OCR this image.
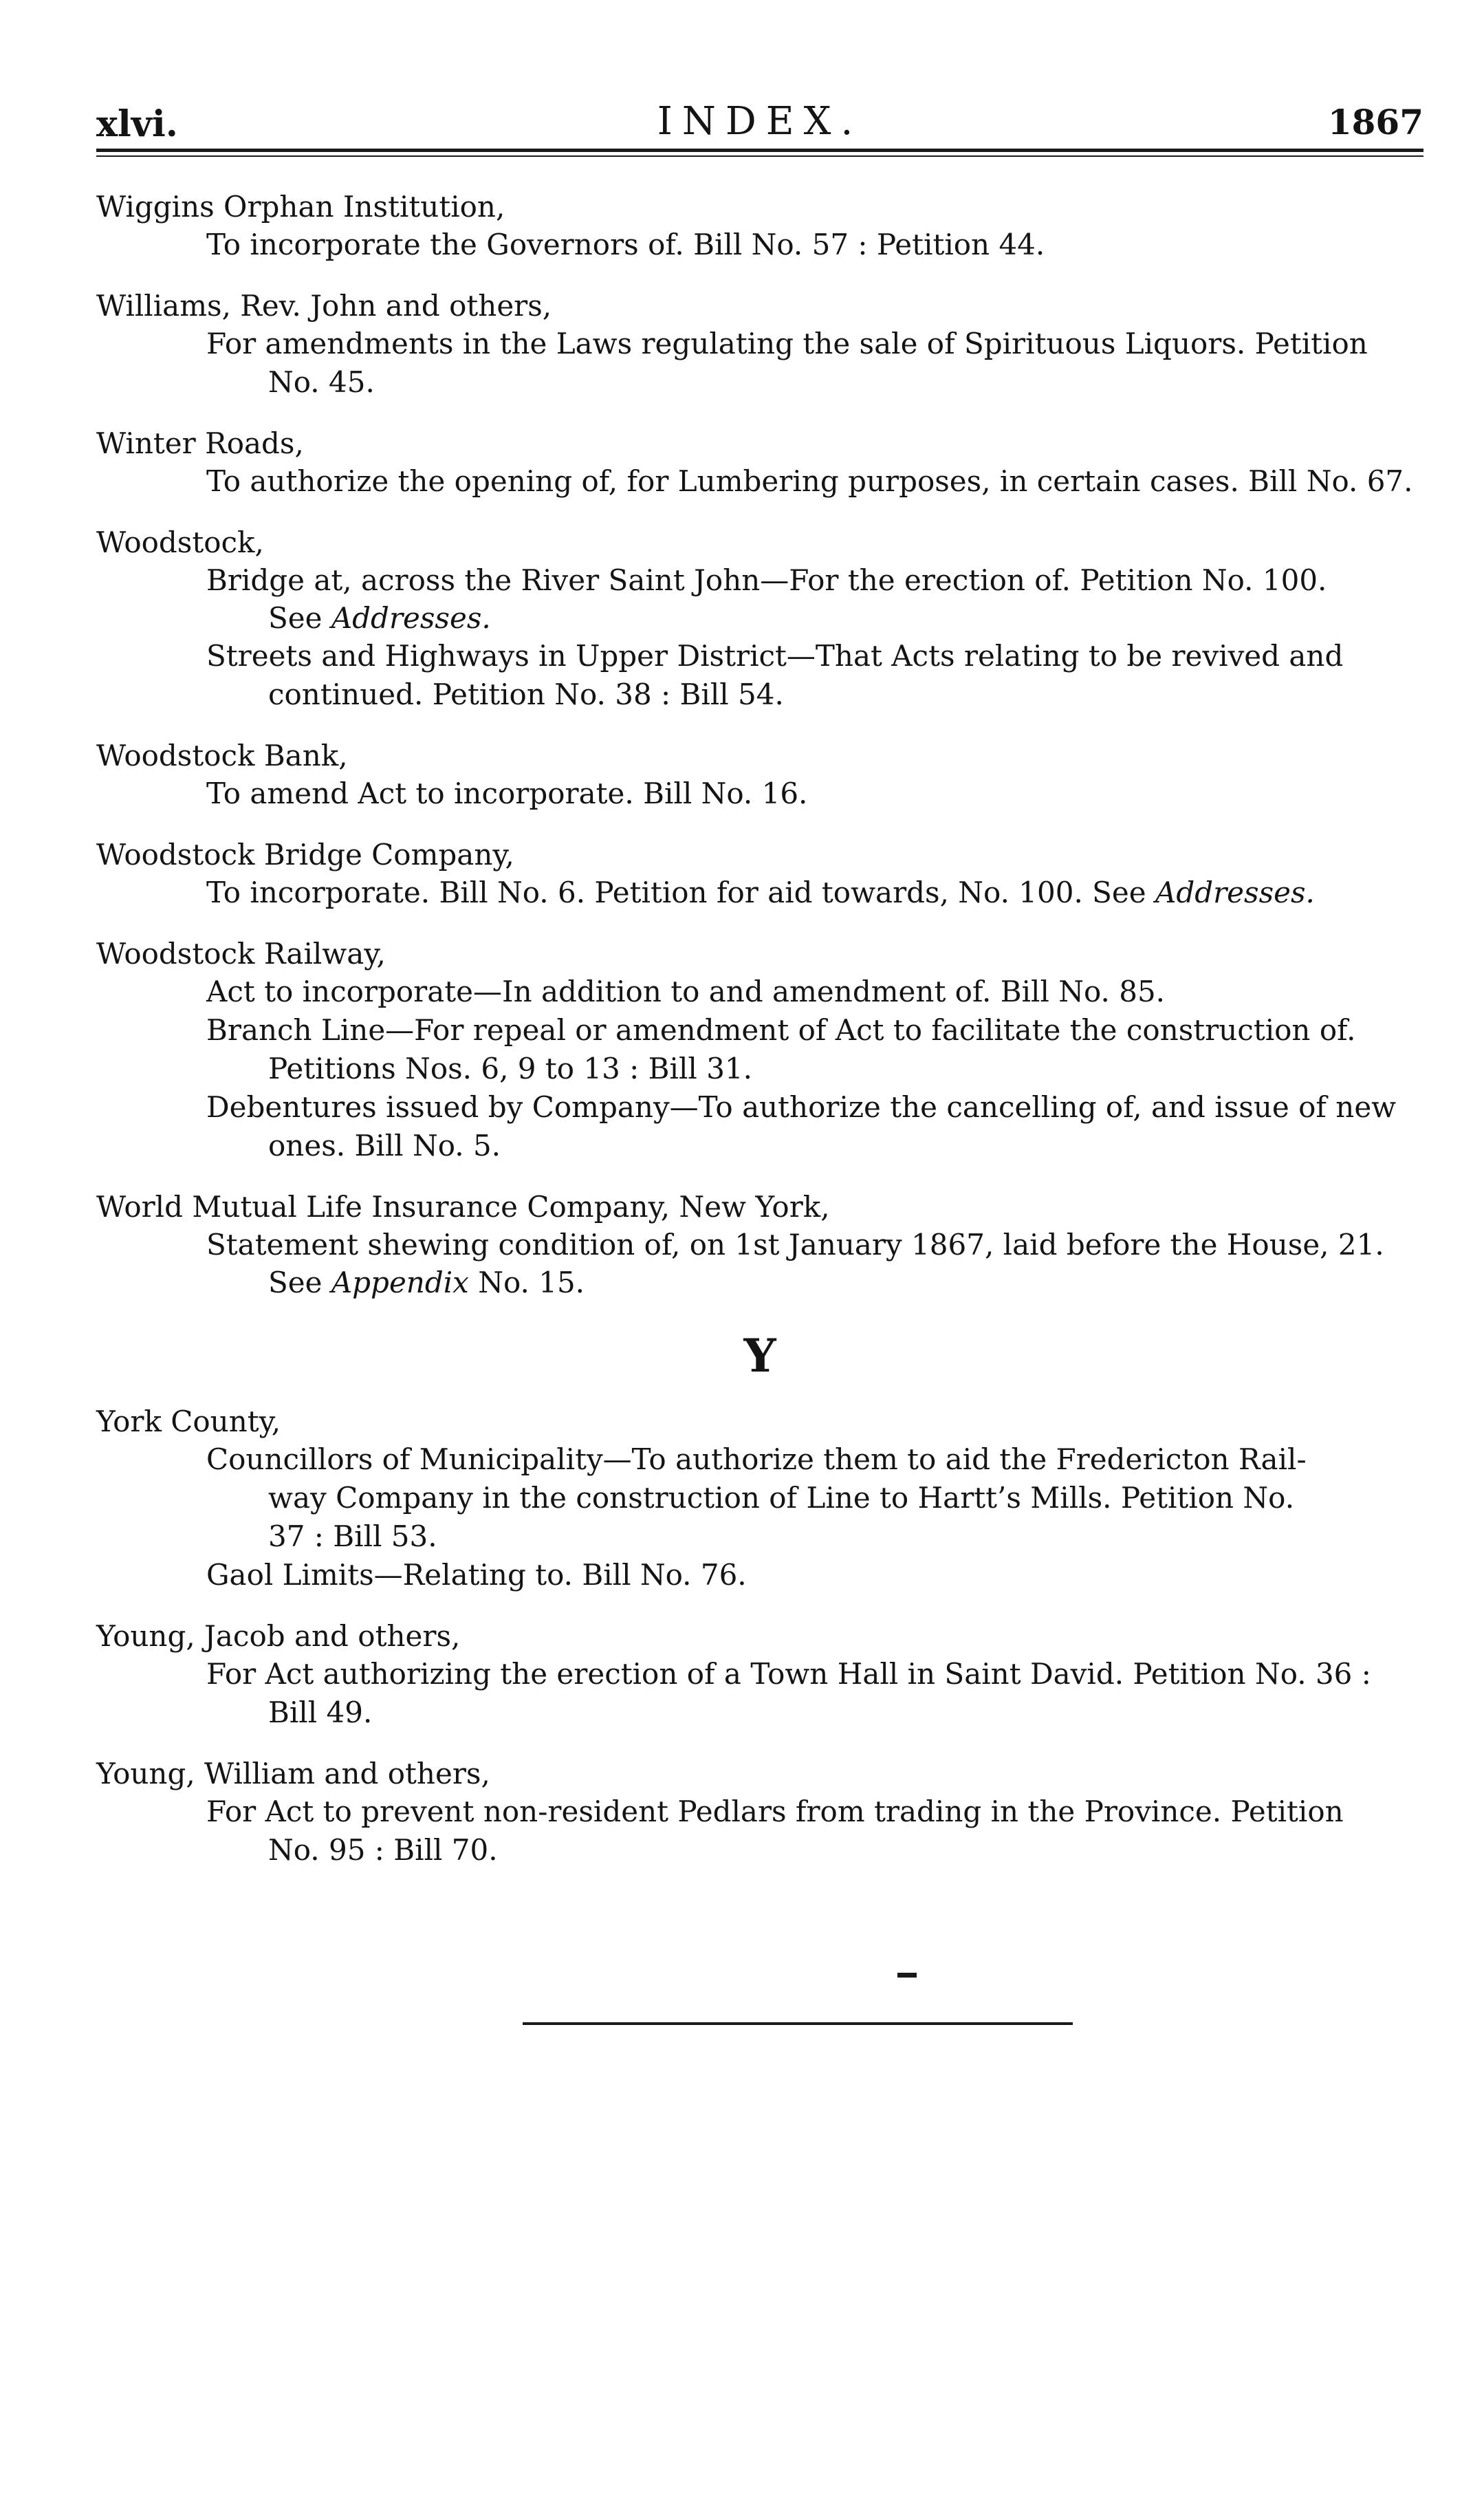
xlvi.	INDEX.	1867
Wiggins Orphan Institution,
To incorporate the Governors of. Bill No. 57 : Petition 44.
Williams, Rev. John and others,
For amendments in the Laws regulating the sale of Spirituous Liquors. Petition
No. 45.
Winter Roads,
To authorize the opening of, for Lumbering purposes, in certain cases. Bill No. 67.
Woodstock,
Bridge at, across the River Saint John—For the erection of. Petition No. 100.
See Addresses.
Streets and Highways in Upper District—That Acts relating to be revived and
continued. Petition No. 38 : Bill 54.
Woodstock Bank,
To amend Act to incorporate. Bill No. 16.
Woodstock Bridge Company,
To incorporate. Bill No. 6. Petition for aid towards, No. 100. See Addresses.
Woodstock Railway,
Act to incorporate—In addition to and amendment of. Bill No. 85.
Branch Line—For repeal or amendment of Act to facilitate the construction of.
Petitions Nos. 6, 9 to 13 : Bill 31.
Debentures issued by Company—To authorize the cancelling of, and issue of new
ones. Bill No. 5.
World Mutual Life Insurance Company, New York,
Statement shewing condition of, on 1st January 1867, laid before the House, 21.
See Appendix No. 15.
Y
York County,
Councillors of Municipality—To authorize them to aid the Fredericton Rail-
way Company in the construction of Line to Hartt’s Mills. Petition No.
37 : Bill 53.
Gaol Limits—Relating to. Bill No. 76.
Young, Jacob and others,
For Act authorizing the erection of a Town Hall in Saint David. Petition No. 36 :
Bill 49.
Young, William and others,
For Act to prevent non-resident Pedlars from trading in the Province. Petition
No. 95 : Bill 70.
